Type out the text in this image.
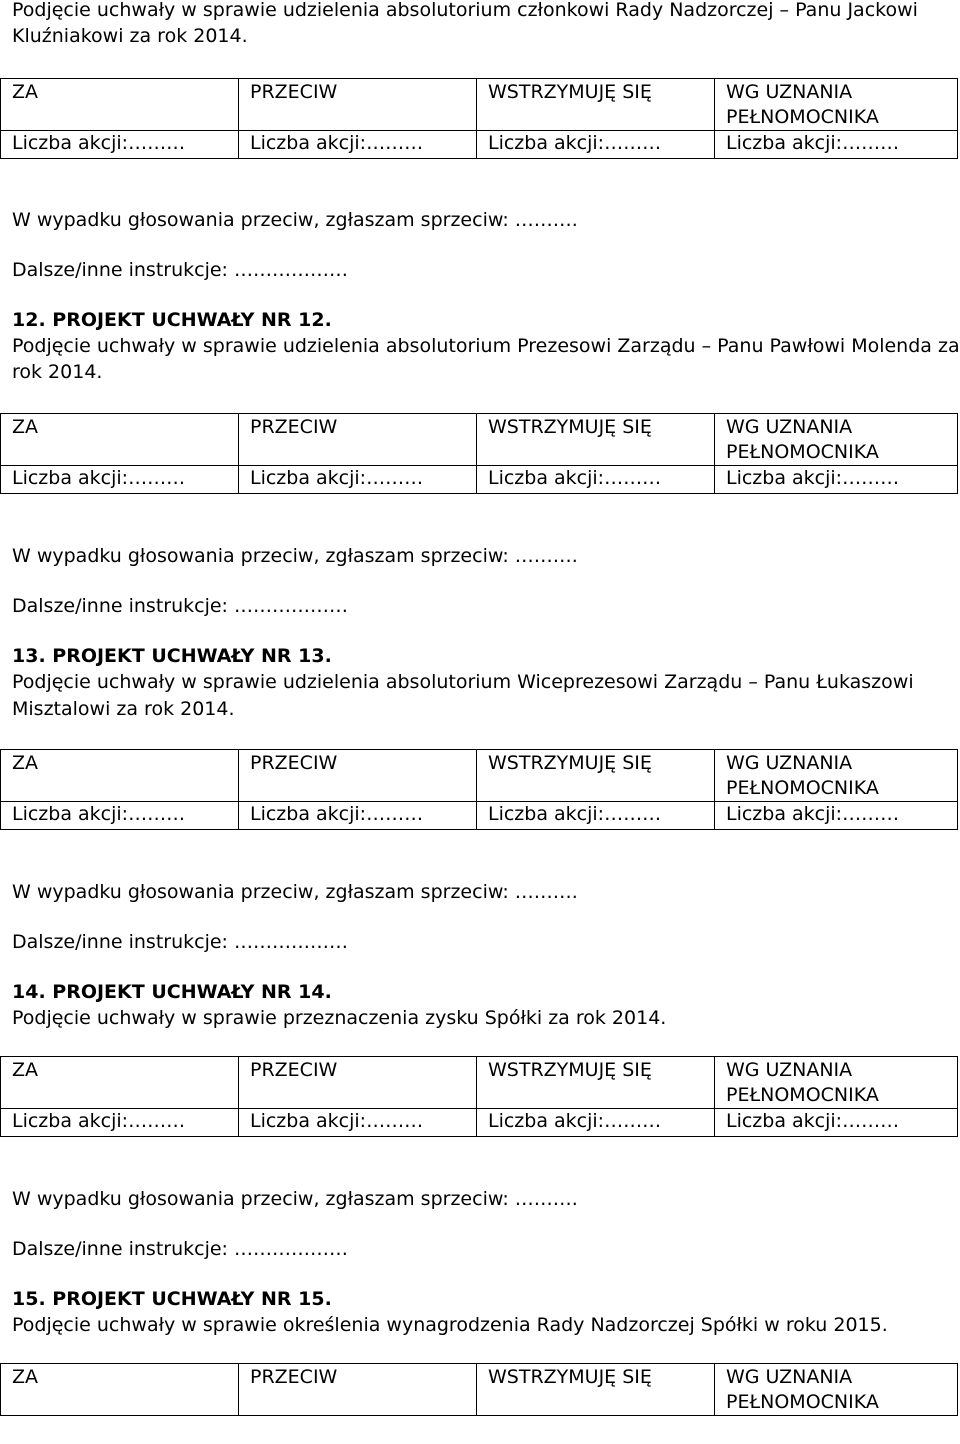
Podjęcie uchwały w sprawie udzielenia absolutorium członkowi Rady Nadzorczej – Panu Jackowi
Kluźniakowi za rok 2014.
ZA	PRZECIW	WSTRZYMUJĘ SIĘ	WG UZNANIA
PEŁNOMOCNIKA
Liczba akcji:………	Liczba akcji:………	Liczba akcji:………	Liczba akcji:………
W wypadku głosowania przeciw, zgłaszam sprzeciw: ……….
Dalsze/inne instrukcje: ………………
12. PROJEKT UCHWAŁY NR 12.
Podjęcie uchwały w sprawie udzielenia absolutorium Prezesowi Zarządu – Panu Pawłowi Molenda za
rok 2014.
ZA	PRZECIW	WSTRZYMUJĘ SIĘ	WG UZNANIA
PEŁNOMOCNIKA
Liczba akcji:………	Liczba akcji:………	Liczba akcji:………	Liczba akcji:………
W wypadku głosowania przeciw, zgłaszam sprzeciw: ……….
Dalsze/inne instrukcje: ………………
13. PROJEKT UCHWAŁY NR 13.
Podjęcie uchwały w sprawie udzielenia absolutorium Wiceprezesowi Zarządu – Panu Łukaszowi
Misztalowi za rok 2014.
ZA	PRZECIW	WSTRZYMUJĘ SIĘ	WG UZNANIA
PEŁNOMOCNIKA
Liczba akcji:………	Liczba akcji:………	Liczba akcji:………	Liczba akcji:………
W wypadku głosowania przeciw, zgłaszam sprzeciw: ……….
Dalsze/inne instrukcje: ………………
14. PROJEKT UCHWAŁY NR 14.
Podjęcie uchwały w sprawie przeznaczenia zysku Spółki za rok 2014.
ZA	PRZECIW	WSTRZYMUJĘ SIĘ	WG UZNANIA
PEŁNOMOCNIKA
Liczba akcji:………	Liczba akcji:………	Liczba akcji:………	Liczba akcji:………
W wypadku głosowania przeciw, zgłaszam sprzeciw: ……….
Dalsze/inne instrukcje: ………………
15. PROJEKT UCHWAŁY NR 15.
Podjęcie uchwały w sprawie określenia wynagrodzenia Rady Nadzorczej Spółki w roku 2015.
ZA	PRZECIW	WSTRZYMUJĘ SIĘ	WG UZNANIA
PEŁNOMOCNIKA
